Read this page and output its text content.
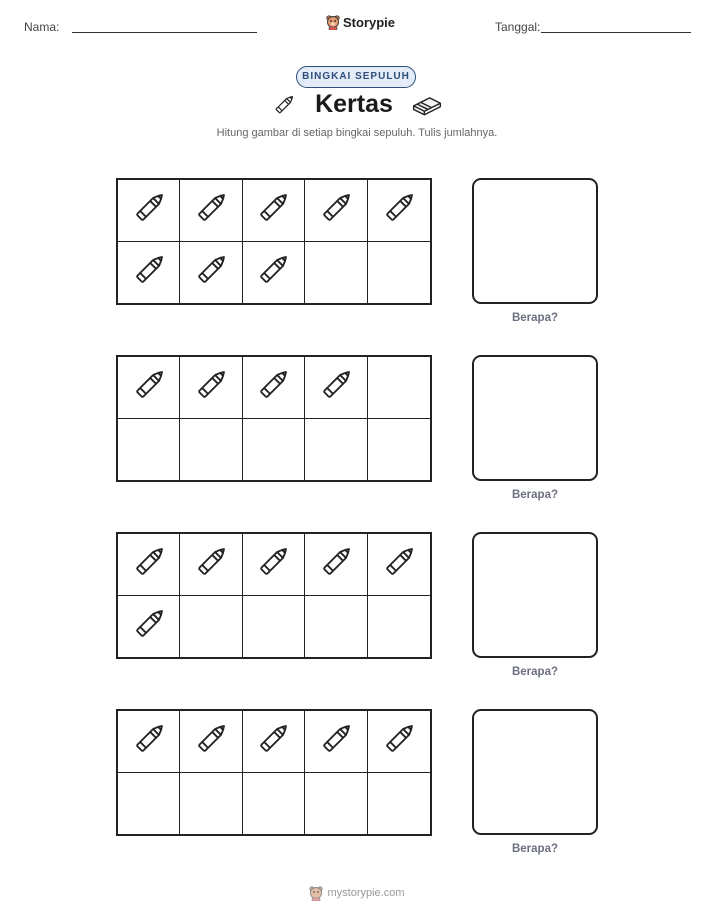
Nama:	Storypie	Tanggal:
BINGKAI SEPULUH
Kertas
Hitung gambar di setiap bingkai sepuluh. Tulis jumlahnya.
Berapa?
Berapa?
Berapa?
Berapa?
mystorypie.com
